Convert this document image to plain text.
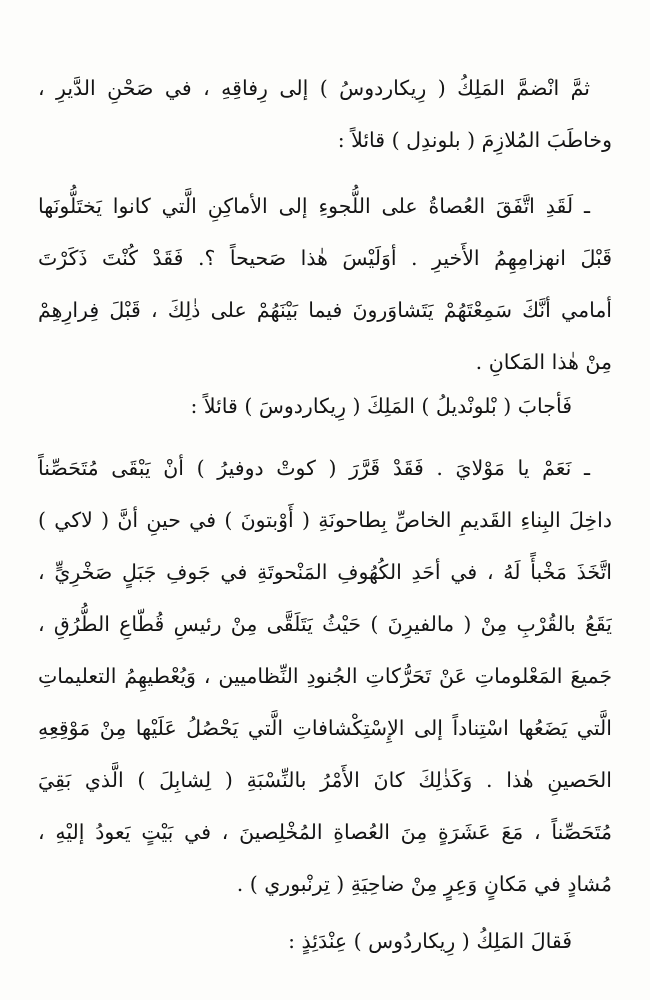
ثمَّ انْضمَّ المَلِكُ ( رِيكاردوسُ ) إلى رِفاقِهِ ، في صَحْنِ الدَّيرِ ،
وخاطَبَ المُلازِمَ ( بلوندِل ) قائلاً :
ـ لَقَدِ اتَّفَقَ العُصاةُ على اللُّجوءِ إلى الأماكِنِ الَّتي كانوا يَختَلُّونَها
قَبْلَ انهزامِهِمُ الأَخيرِ . أوَلَيْسَ هٰذا صَحيحاً ؟. فَقَدْ كُنْتَ ذَكَرْتَ
أمامي أنَّكَ سَمِعْتَهُمْ يَتَشاوَرونَ فيما بَيْنَهُمْ على ذٰلِكَ ، قَبْلَ فِرارِهِمْ
مِنْ هٰذا المَكانِ .
فَأجابَ ( بْلونْديلُ ) المَلِكَ ( رِيكاردوسَ ) قائلاً :
ـ نَعَمْ يا مَوْلايَ . فَقَدْ قَرَّرَ ( كوتْ دوفيرُ ) أنْ يَبْقَى مُتَحَصِّناً
داخِلَ البِناءِ القَديمِ الخاصِّ بِطاحونَةِ ( أَوْبتونَ ) في حينِ أنَّ ( لاكي )
اتَّخَذَ مَخْبأً لَهُ ، في أحَدِ الكُهُوفِ المَنْحوتَةِ في جَوفِ جَبَلٍ صَخْرِيٍّ ،
يَقَعُ بالقُرْبِ مِنْ ( مالفيرِنَ ) حَيْثُ يَتَلَقَّى مِنْ رئيسِ قُطّاعِ الطُّرُقِ ،
جَميعَ المَعْلوماتِ عَنْ تَحَرُّكاتِ الجُنودِ النِّظاميين ، وَيُعْطيهِمُ التعليماتِ
الَّتي يَضَعُها اسْتِناداً إلى الإِسْتِكْشافاتِ الَّتي يَحْصُلُ عَلَيْها مِنْ مَوْقِعِهِ
الحَصينِ هٰذا . وَكَذٰلِكَ كانَ الأَمْرُ بالنِّسْبَةِ ( لِشابِلَ ) الَّذي بَقِيَ
مُتَحَصِّناً ، مَعَ عَشَرَةٍ مِنَ العُصاةِ المُخْلِصينَ ، في بَيْتٍ يَعودُ إليْهِ ،
مُشادٍ في مَكانٍ وَعِرٍ مِنْ ضاحِيَةِ ( تِرنْبوري ) .
فَقالَ المَلِكُ ( رِيكاردُوس ) عِنْدَئِذٍ :
